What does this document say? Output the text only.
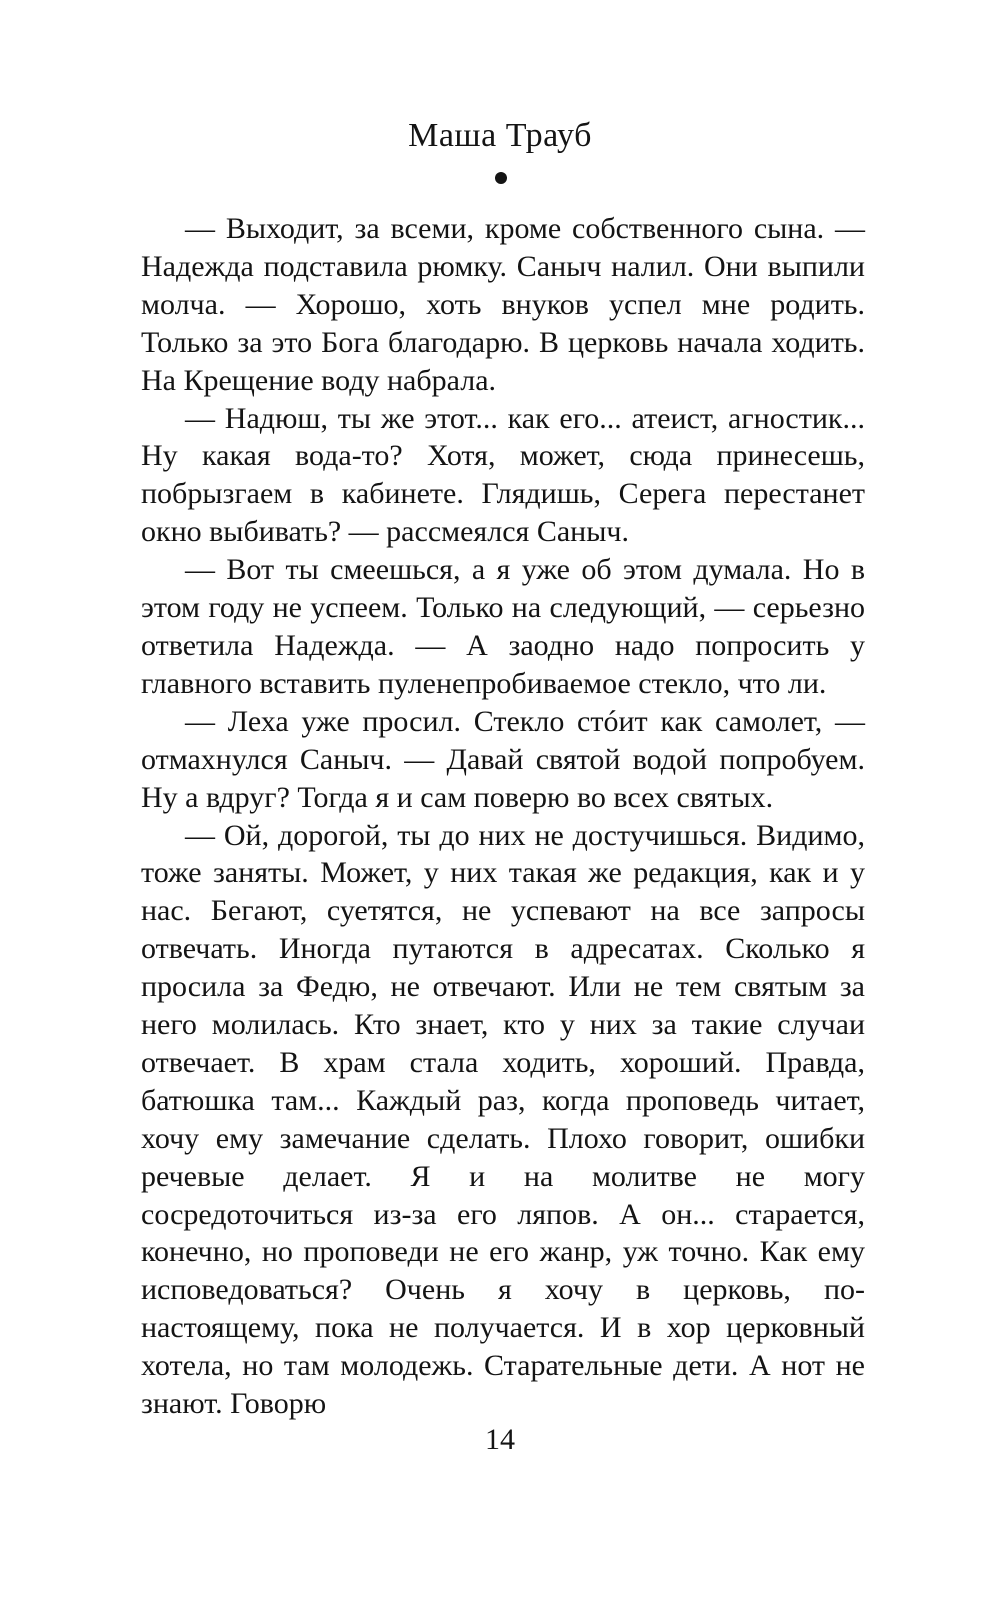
Маша Трауб

— Выходит, за всеми, кроме собственного сына. — Надежда подставила рюмку. Саныч налил. Они выпили молча. — Хорошо, хоть внуков успел мне родить. Только за это Бога благодарю. В церковь начала ходить. На Крещение воду набрала.

— Надюш, ты же этот... как его... атеист, агностик... Ну какая вода-то? Хотя, может, сюда принесешь, побрызгаем в кабинете. Глядишь, Серега перестанет окно выбивать? — рассмеялся Саныч.

— Вот ты смеешься, а я уже об этом думала. Но в этом году не успеем. Только на следующий, — серьезно ответила Надежда. — А заодно надо попросить у главного вставить пуленепробиваемое стекло, что ли.

— Леха уже просил. Стекло стóит как самолет, — отмахнулся Саныч. — Давай святой водой попробуем. Ну а вдруг? Тогда я и сам поверю во всех святых.

— Ой, дорогой, ты до них не достучишься. Видимо, тоже заняты. Может, у них такая же редакция, как и у нас. Бегают, суетятся, не успевают на все запросы отвечать. Иногда путаются в адресатах. Сколько я просила за Федю, не отвечают. Или не тем святым за него молилась. Кто знает, кто у них за такие случаи отвечает. В храм стала ходить, хороший. Правда, батюшка там... Каждый раз, когда проповедь читает, хочу ему замечание сделать. Плохо говорит, ошибки речевые делает. Я и на молитве не могу сосредоточиться из-за его ляпов. А он... старается, конечно, но проповеди не его жанр, уж точно. Как ему исповедоваться? Очень я хочу в церковь, по-настоящему, пока не получается. И в хор церковный хотела, но там молодежь. Старательные дети. А нот не знают. Говорю

14
